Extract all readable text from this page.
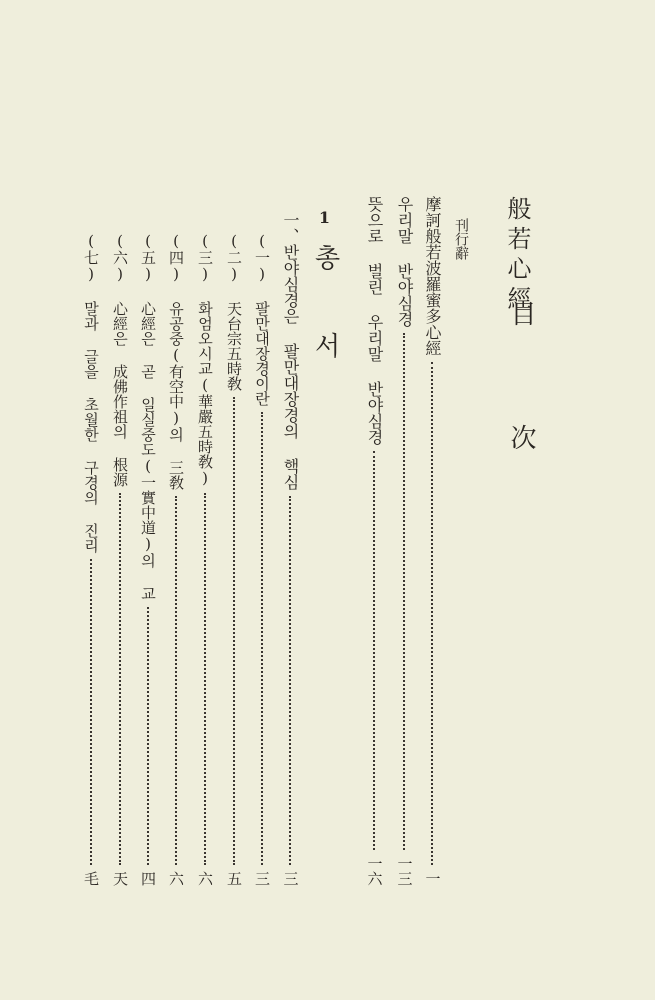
般若心經
目 次
刊行辭
摩訶般若波羅蜜多心經
一
우리말 반야심경
一三
뜻으로 벌린 우리말 반야심경
一六
1
총 서
一、반야심경은 팔만대장경의 핵심
三
(一) 팔만대장경이란
三
(二) 天台宗五時敎
五
(三) 화엄오시교(華嚴五時敎)
六
(四) 유공중(有空中)의 三敎
六
(五) 心經은 곧 일실중도(一實中道)의 교
四
(六) 心經은 成佛作祖의 根源
天
(七) 말과 글을 초월한 구경의 진리
毛
